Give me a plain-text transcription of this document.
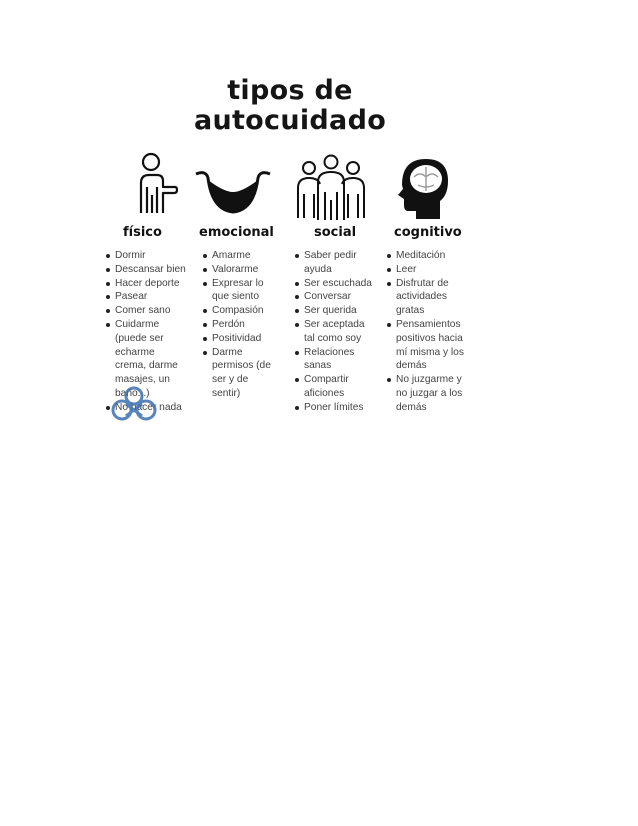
tipos de
autocuidado
físico	emocional	social	cognitivo
Dormir
Descansar bien
Hacer deporte
Pasear
Comer sano
Cuidarme
(puede ser
echarme
crema, darme
masajes, un
baño...)
No hacer nada
Amarme
Valorarme
Expresar lo
que siento
Compasión
Perdón
Positividad
Darme
permisos (de
ser y de
sentir)
Saber pedir
ayuda
Ser escuchada
Conversar
Ser querida
Ser aceptada
tal como soy
Relaciones
sanas
Compartir
aficiones
Poner límites
Meditación
Leer
Disfrutar de
actividades
gratas
Pensamientos
positivos hacia
mí misma y los
demás
No juzgarme y
no juzgar a los
demás
